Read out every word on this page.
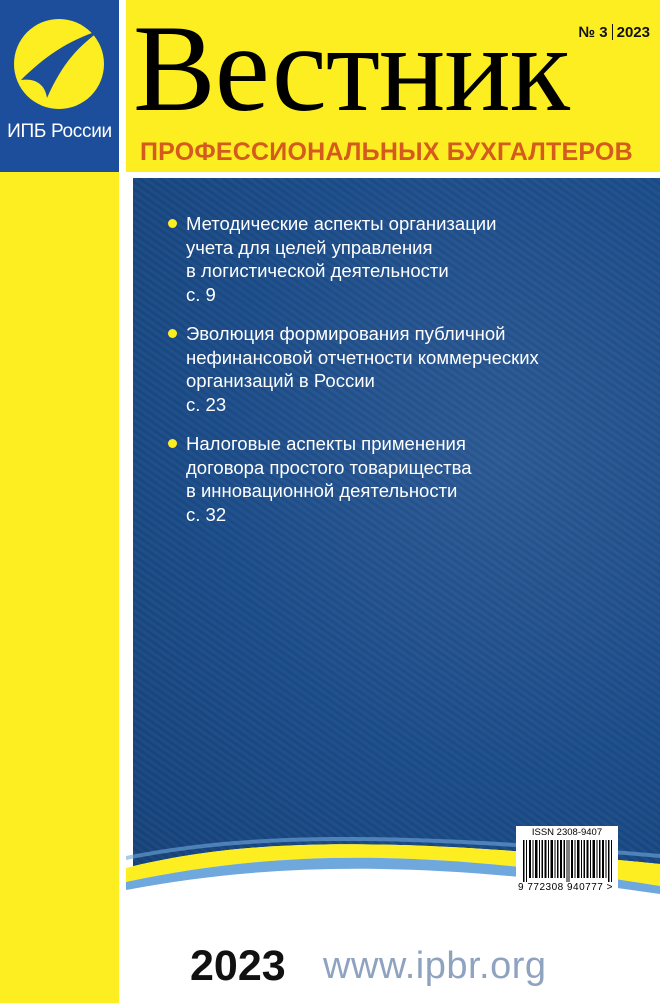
ИПБ России
№ 3 2023
Вестник
ПРОФЕССИОНАЛЬНЫХ БУХГАЛТЕРОВ
Методические аспекты организации
учета для целей управления
в логистической деятельности
с. 9
Эволюция формирования публичной
нефинансовой отчетности коммерческих
организаций в России
с. 23
Налоговые аспекты применения
договора простого товарищества
в инновационной деятельности
с. 32
ISSN 2308-9407
9 772308 940777 >
2023 www.ipbr.org
